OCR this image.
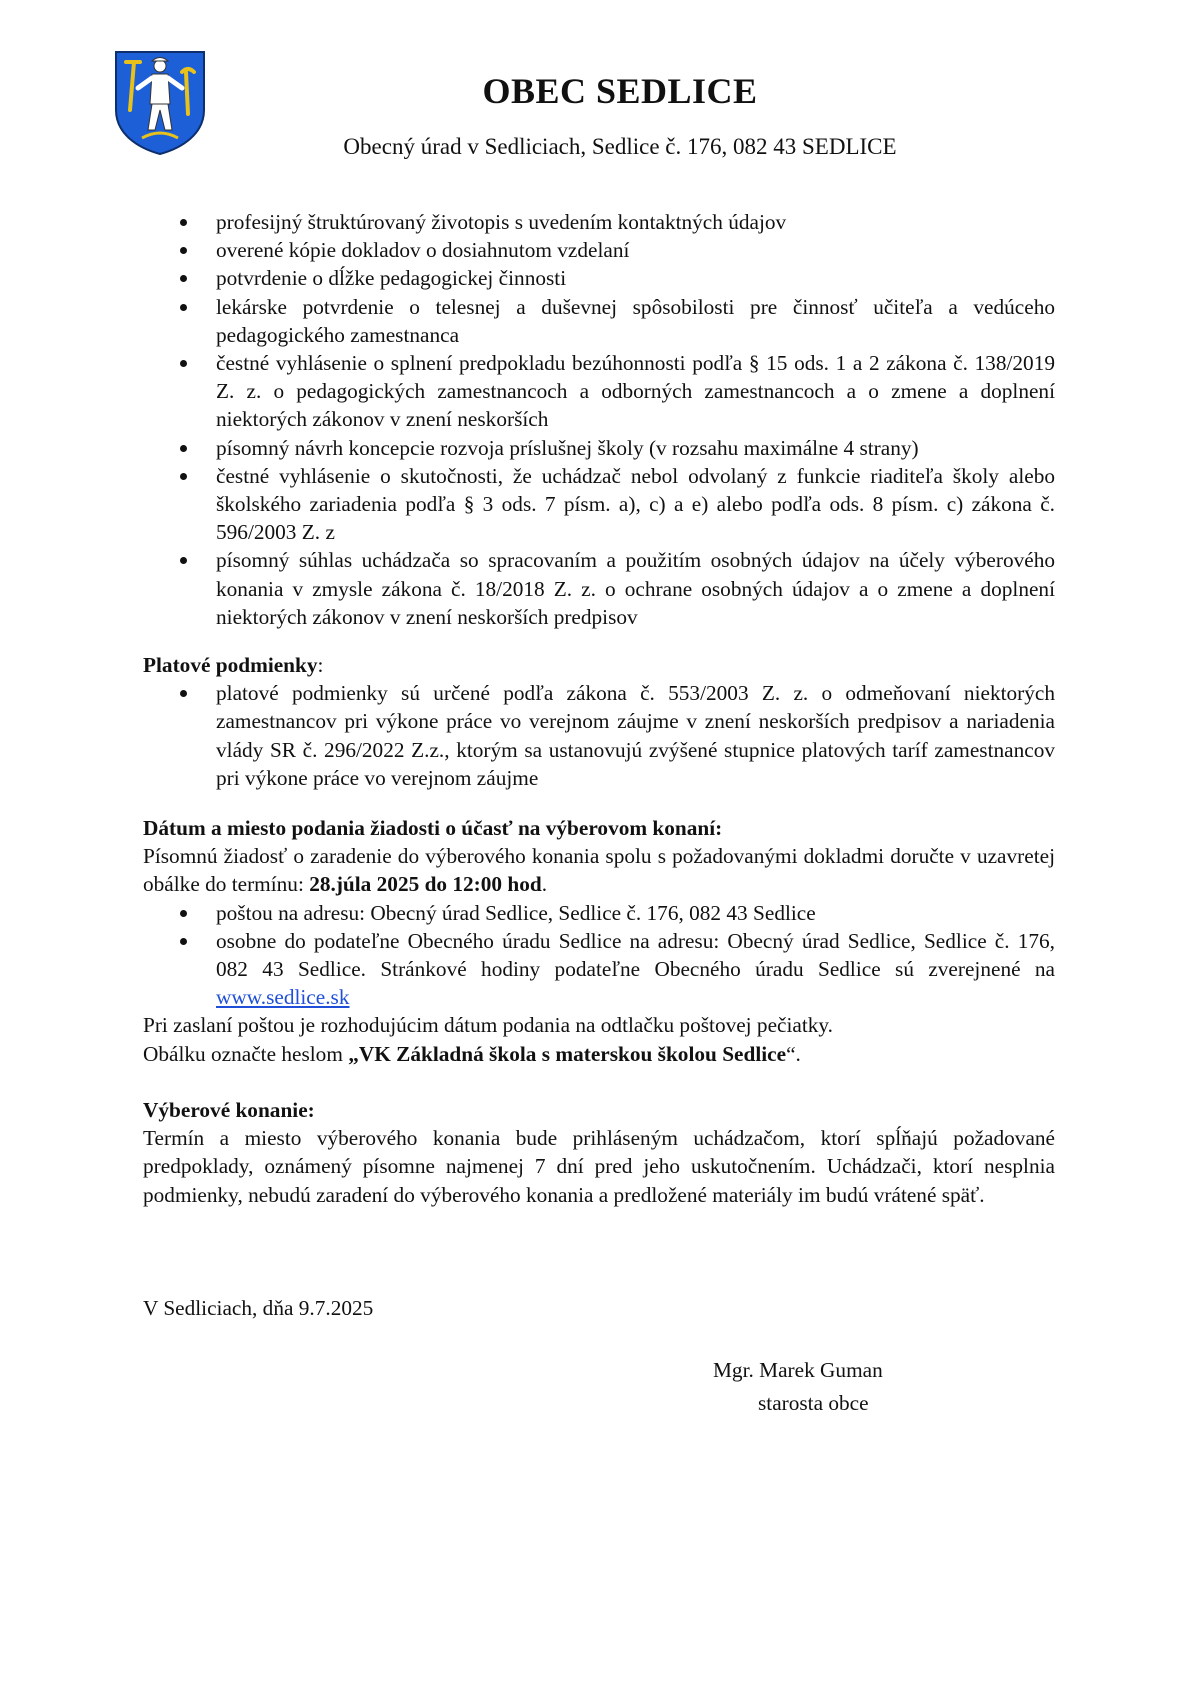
OBEC SEDLICE
Obecný úrad v Sedliciach, Sedlice č. 176, 082 43 SEDLICE
profesijný štruktúrovaný životopis s uvedením kontaktných údajov
overené kópie dokladov o dosiahnutom vzdelaní
potvrdenie o dĺžke pedagogickej činnosti
lekárske potvrdenie o telesnej a duševnej spôsobilosti pre činnosť učiteľa a vedúceho pedagogického zamestnanca
čestné vyhlásenie o splnení predpokladu bezúhonnosti podľa § 15 ods. 1 a 2 zákona č. 138/2019 Z. z. o pedagogických zamestnancoch a odborných zamestnancoch a o zmene a doplnení niektorých zákonov v znení neskorších
písomný návrh koncepcie rozvoja príslušnej školy (v rozsahu maximálne 4 strany)
čestné vyhlásenie o skutočnosti, že uchádzač nebol odvolaný z funkcie riaditeľa školy alebo školského zariadenia podľa § 3 ods. 7 písm. a), c) a e) alebo podľa ods. 8 písm. c) zákona č. 596/2003 Z. z
písomný súhlas uchádzača so spracovaním a použitím osobných údajov na účely výberového konania v zmysle zákona č. 18/2018 Z. z. o ochrane osobných údajov a o zmene a doplnení niektorých zákonov v znení neskorších predpisov
Platové podmienky:
platové podmienky sú určené podľa zákona č. 553/2003 Z. z. o odmeňovaní niektorých zamestnancov pri výkone práce vo verejnom záujme v znení neskorších predpisov a nariadenia vlády SR č. 296/2022 Z.z., ktorým sa ustanovujú zvýšené stupnice platových taríf zamestnancov pri výkone práce vo verejnom záujme
Dátum a miesto podania žiadosti o účasť na výberovom konaní:

Písomnú žiadosť o zaradenie do výberového konania spolu s požadovanými dokladmi doručte v uzavretej obálke do termínu: 28.júla 2025 do 12:00 hod.

poštou na adresu: Obecný úrad Sedlice, Sedlice č. 176, 082 43 Sedlice
osobne do podateľne Obecného úradu Sedlice na adresu: Obecný úrad Sedlice, Sedlice č. 176, 082 43 Sedlice. Stránkové hodiny podateľne Obecného úradu Sedlice sú zverejnené na www.sedlice.sk

Pri zaslaní poštou je rozhodujúcim dátum podania na odtlačku poštovej pečiatky.

Obálku označte heslom „VK Základná škola s materskou školou Sedlice“.

Výberové konanie:

Termín a miesto výberového konania bude prihláseným uchádzačom, ktorí spĺňajú požadované predpoklady, oznámený písomne najmenej 7 dní pred jeho uskutočnením. Uchádzači, ktorí nesplnia podmienky, nebudú zaradení do výberového konania a predložené materiály im budú vrátené späť.

V Sedliciach, dňa 9.7.2025
Mgr. Marek Guman
starosta obce
